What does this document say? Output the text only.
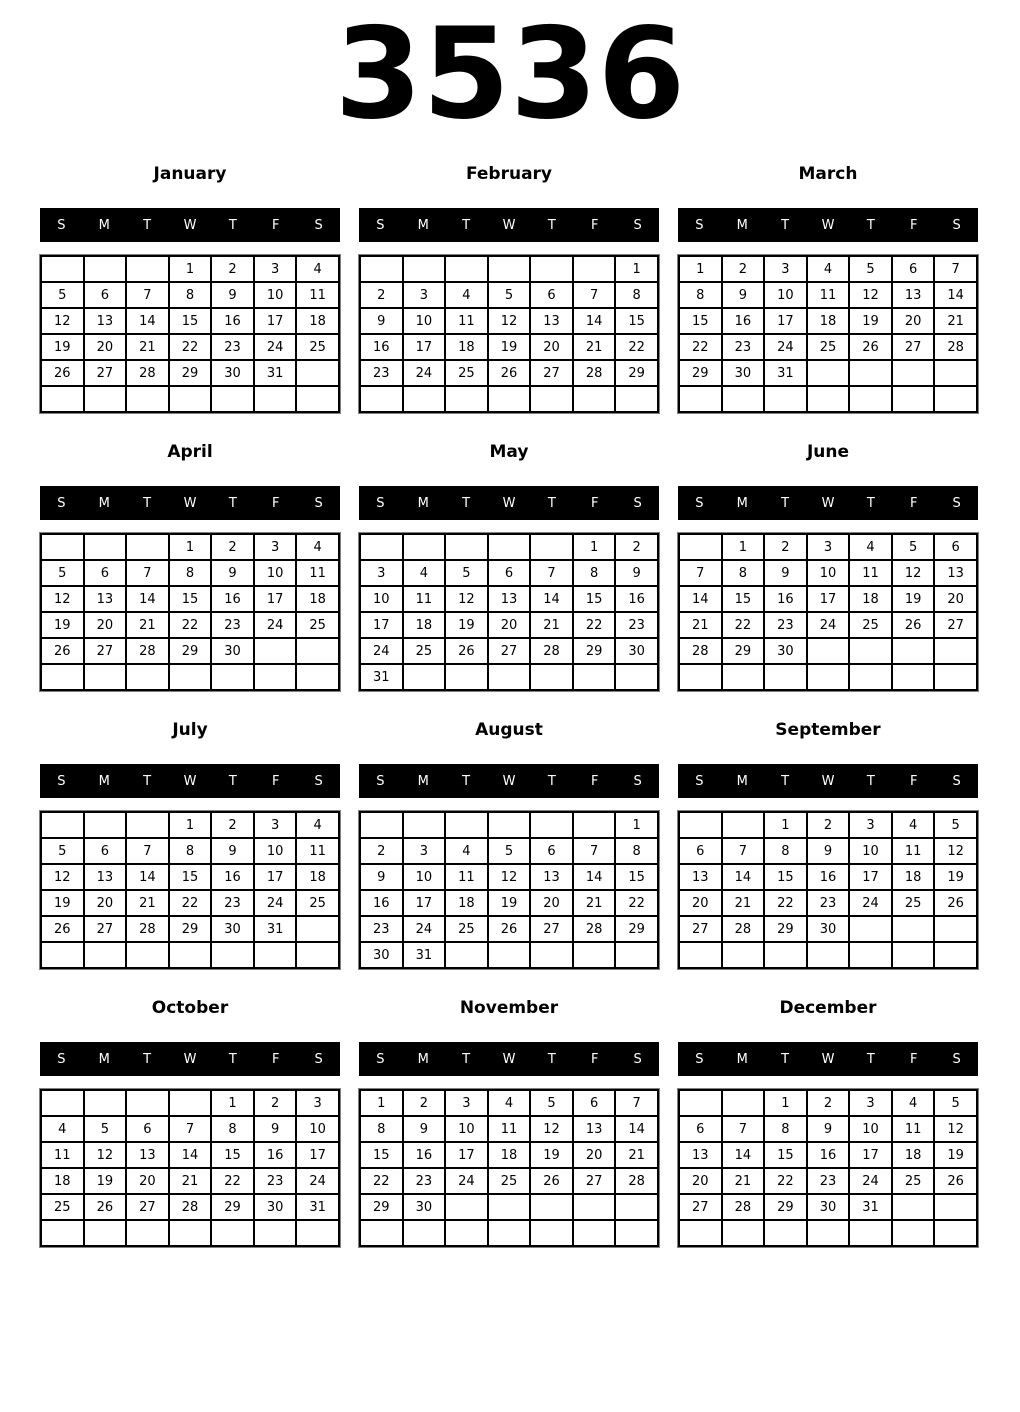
3536
January
S	M	T	W	T	F	S
			1	2	3	4
5	6	7	8	9	10	11
12	13	14	15	16	17	18
19	20	21	22	23	24	25
26	27	28	29	30	31	

February
S	M	T	W	T	F	S
						1
2	3	4	5	6	7	8
9	10	11	12	13	14	15
16	17	18	19	20	21	22
23	24	25	26	27	28	29

March
S	M	T	W	T	F	S
1	2	3	4	5	6	7
8	9	10	11	12	13	14
15	16	17	18	19	20	21
22	23	24	25	26	27	28
29	30	31				

April
S	M	T	W	T	F	S
			1	2	3	4
5	6	7	8	9	10	11
12	13	14	15	16	17	18
19	20	21	22	23	24	25
26	27	28	29	30		

May
S	M	T	W	T	F	S
					1	2
3	4	5	6	7	8	9
10	11	12	13	14	15	16
17	18	19	20	21	22	23
24	25	26	27	28	29	30
31						
June
S	M	T	W	T	F	S
	1	2	3	4	5	6
7	8	9	10	11	12	13
14	15	16	17	18	19	20
21	22	23	24	25	26	27
28	29	30				

July
S	M	T	W	T	F	S
			1	2	3	4
5	6	7	8	9	10	11
12	13	14	15	16	17	18
19	20	21	22	23	24	25
26	27	28	29	30	31	

August
S	M	T	W	T	F	S
						1
2	3	4	5	6	7	8
9	10	11	12	13	14	15
16	17	18	19	20	21	22
23	24	25	26	27	28	29
30	31					
September
S	M	T	W	T	F	S
		1	2	3	4	5
6	7	8	9	10	11	12
13	14	15	16	17	18	19
20	21	22	23	24	25	26
27	28	29	30			

October
S	M	T	W	T	F	S
				1	2	3
4	5	6	7	8	9	10
11	12	13	14	15	16	17
18	19	20	21	22	23	24
25	26	27	28	29	30	31

November
S	M	T	W	T	F	S
1	2	3	4	5	6	7
8	9	10	11	12	13	14
15	16	17	18	19	20	21
22	23	24	25	26	27	28
29	30					

December
S	M	T	W	T	F	S
		1	2	3	4	5
6	7	8	9	10	11	12
13	14	15	16	17	18	19
20	21	22	23	24	25	26
27	28	29	30	31		
